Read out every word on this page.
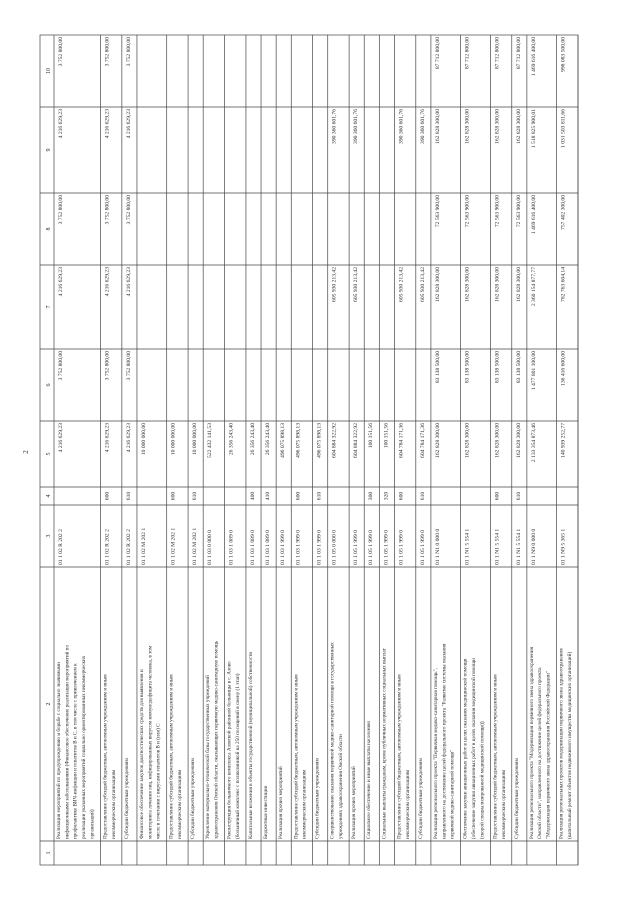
2
1
2
3
4
5
6
7
8
9
10
Реализация мероприятий по предупреждению и борьбе с социально значимыми инфекционными заболеваниями (Финансовое обеспечение реализации мероприятий по профилактике ВИЧ-инфекции и гепатитов В и С, в том числе с привлечением к реализации указанных мероприятий социально ориентированных некоммерческих организаций)
01 1 02 R 202 2
4 216 629,23
3 752 800,00
4 216 629,23
3 752 800,00
4 216 629,23
3 752 800,00
Предоставление субсидий бюджетным, автономным учреждениям и иным некоммерческим организациям
01 1 02 R 202 2
600
4 216 629,23
3 752 800,00
4 216 629,23
3 752 800,00
4 216 629,23
3 752 800,00
Субсидии бюджетным учреждениям
01 1 02 R 202 2
610
4 216 629,23
3 752 800,00
4 216 629,23
3 752 800,00
4 216 629,23
3 752 800,00
Финансовое обеспечение закупок диагностических средств для выявления и мониторинга лечения лиц, инфицированных вирусом иммунодефицита человека, в том числе в сочетании с вирусами гепатитов В и (или) С
01 1 02 M 202 1
10 000 000,00
Предоставление субсидий бюджетным, автономным учреждениям и иным некоммерческим организациям
01 1 02 M 202 1
600
10 000 000,00
Субсидии бюджетным учреждениям
01 1 02 M 202 1
610
10 000 000,00
Укрепление материально-технической базы государственных учреждений здравоохранения Омской области, оказывающих первичную медико-санитарную помощь
01 1 03 0 000 0
522 432 141,53
Реконструкция больничного комплекса Азовской районной больницы в с. Азово (больничный комплекс с поликлиникой на 250 посещений в смену (1 этап)
01 1 03 1 089 0
26 356 243,40
Капитальные вложения в объекты государственной (муниципальной) собственности
01 1 03 1 089 0
400
26 356 243,40
Бюджетные инвестиции
01 1 03 1 089 0
410
26 356 243,40
Реализация прочих мероприятий
01 1 03 1 999 0
496 075 898,13
Предоставление субсидий бюджетным, автономным учреждениям и иным некоммерческим организациям
01 1 03 1 999 0
600
496 075 898,13
Субсидии бюджетным учреждениям
01 1 03 1 999 0
610
496 075 898,13
Совершенствование оказания первичной медико-санитарной помощи в государственных учреждениях здравоохранения Омской области
01 1 05 0 000 0
604 884 322,92
605 930 213,42
390 360 601,76
Реализация прочих мероприятий
01 1 05 1 999 0
604 884 322,92
605 930 213,42
390 360 601,76
Социальное обеспечение и иные выплаты населению
01 1 05 1 999 0
300
100 151,56
Социальные выплаты гражданам, кроме публичных нормативных социальных выплат
01 1 05 1 999 0
320
100 151,56
Предоставление субсидий бюджетным, автономным учреждениям и иным некоммерческим организациям
01 1 05 1 999 0
600
604 784 171,36
605 930 213,42
390 360 601,76
Субсидии бюджетным учреждениям
01 1 05 1 999 0
610
604 784 171,36
605 930 213,42
390 360 601,76
Реализация регионального проекта "Первичная медико-санитарная помощь", направленного на достижение целей федерального проекта "Развитие системы оказания первичной медико-санитарной помощи"
01 1 N1 0 000 0
162 828 300,00
83 138 500,00
162 828 300,00
72 563 900,00
162 828 300,00
87 712 800,00
Обеспечение закупки авиационных работ в целях оказания медицинской помощи (обеспечение закупки авиационных работ в целях оказания медицинской помощи (скорой специализированной медицинской помощи))
01 1 N1 5 554 1
162 828 300,00
83 138 500,00
162 828 300,00
72 563 900,00
162 828 300,00
87 712 800,00
Предоставление субсидий бюджетным, автономным учреждениям и иным некоммерческим организациям
01 1 N1 5 554 1
600
162 828 300,00
83 138 500,00
162 828 300,00
72 563 900,00
162 828 300,00
87 712 800,00
Субсидии бюджетным учреждениям
01 1 N1 5 554 1
610
162 828 300,00
83 138 500,00
162 828 300,00
72 563 900,00
162 828 300,00
87 712 800,00
Реализация регионального проекта "Модернизация первичного звена здравоохранения Омской области", направленного на достижение целей федерального проекта "Модернизация первичного звена здравоохранения Российской Федерации"
01 1 N9 0 000 0
2 133 354 873,46
1 477 801 100,00
2 360 154 877,77
1 469 616 400,00
1 518 825 900,01
1 469 616 400,00
Реализация региональных проектов модернизации первичного звена здравоохранения (капитальный ремонт объектов недвижимого имущества медицинских организаций)
01 1 N9 5 365 1
140 939 252,77
136 416 600,00
782 763 604,14
757 402 300,00
1 031 503 811,66
998 083 500,00
